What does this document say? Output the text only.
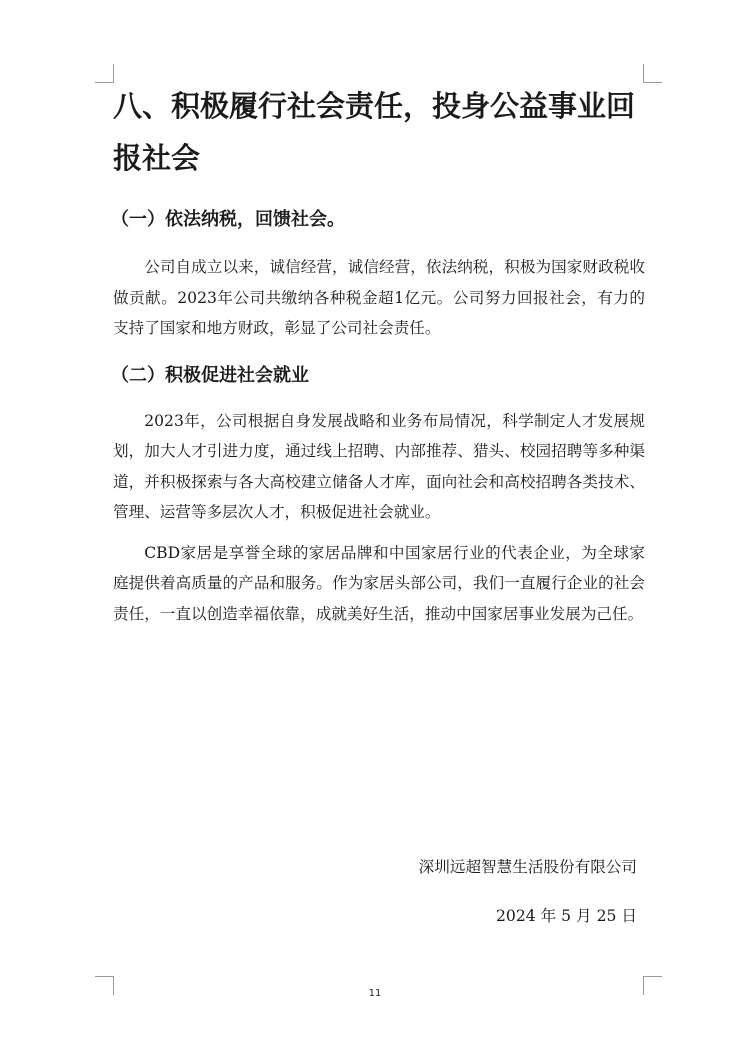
八、积极履行社会责任，投身公益事业回报社会
（一）依法纳税，回馈社会。

公司自成立以来，诚信经营，诚信经营，依法纳税，积极为国家财政税收做贡献。2023年公司共缴纳各种税金超1亿元。公司努力回报社会，有力的支持了国家和地方财政，彰显了公司社会责任。

（二）积极促进社会就业

2023年，公司根据自身发展战略和业务布局情况，科学制定人才发展规划，加大人才引进力度，通过线上招聘、内部推荐、猎头、校园招聘等多种渠道，并积极探索与各大高校建立储备人才库，面向社会和高校招聘各类技术、管理、运营等多层次人才，积极促进社会就业。

CBD家居是享誉全球的家居品牌和中国家居行业的代表企业，为全球家庭提供着高质量的产品和服务。作为家居头部公司，我们一直履行企业的社会责任，一直以创造幸福依靠，成就美好生活，推动中国家居事业发展为己任。

深圳远超智慧生活股份有限公司

2024 年 5 月 25 日

11
